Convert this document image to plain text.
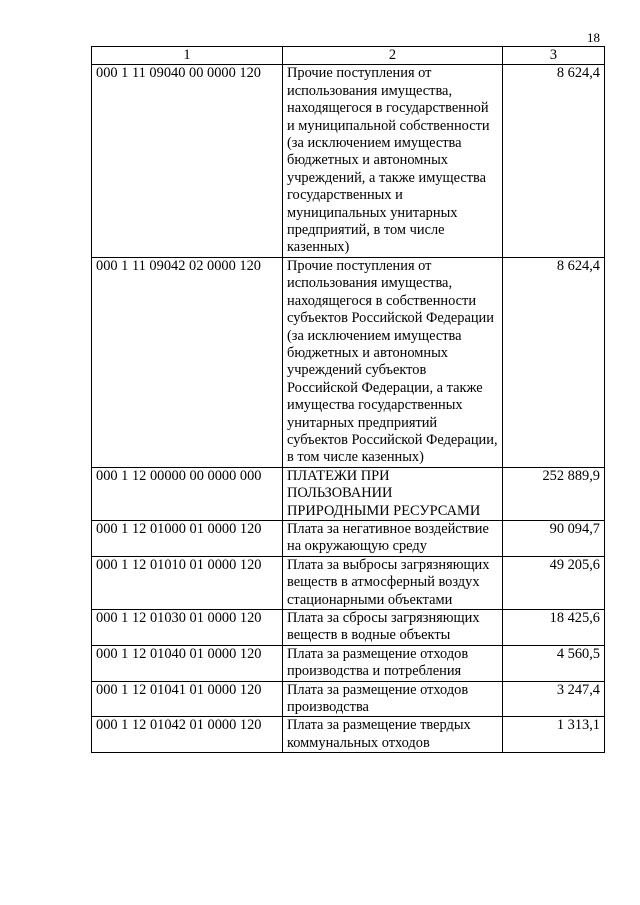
18
1	2	3
000 1 11 09040 00 0000 120	Прочие поступления от использования имущества, находящегося в государственной и муниципальной собственности (за исключением имущества бюджетных и автономных учреждений, а также имущества государственных и муниципальных унитарных предприятий, в том числе казенных)	8 624,4
000 1 11 09042 02 0000 120	Прочие поступления от использования имущества, находящегося в собственности субъектов Российской Федерации (за исключением имущества бюджетных и автономных учреждений субъектов Российской Федерации, а также имущества государственных унитарных предприятий субъектов Российской Федерации, в том числе казенных)	8 624,4
000 1 12 00000 00 0000 000	ПЛАТЕЖИ ПРИ ПОЛЬЗОВАНИИ ПРИРОДНЫМИ РЕСУРСАМИ	252 889,9
000 1 12 01000 01 0000 120	Плата за негативное воздействие на окружающую среду	90 094,7
000 1 12 01010 01 0000 120	Плата за выбросы загрязняющих веществ в атмосферный воздух стационарными объектами	49 205,6
000 1 12 01030 01 0000 120	Плата за сбросы загрязняющих веществ в водные объекты	18 425,6
000 1 12 01040 01 0000 120	Плата за размещение отходов производства и потребления	4 560,5
000 1 12 01041 01 0000 120	Плата за размещение отходов производства	3 247,4
000 1 12 01042 01 0000 120	Плата за размещение твердых коммунальных отходов	1 313,1
